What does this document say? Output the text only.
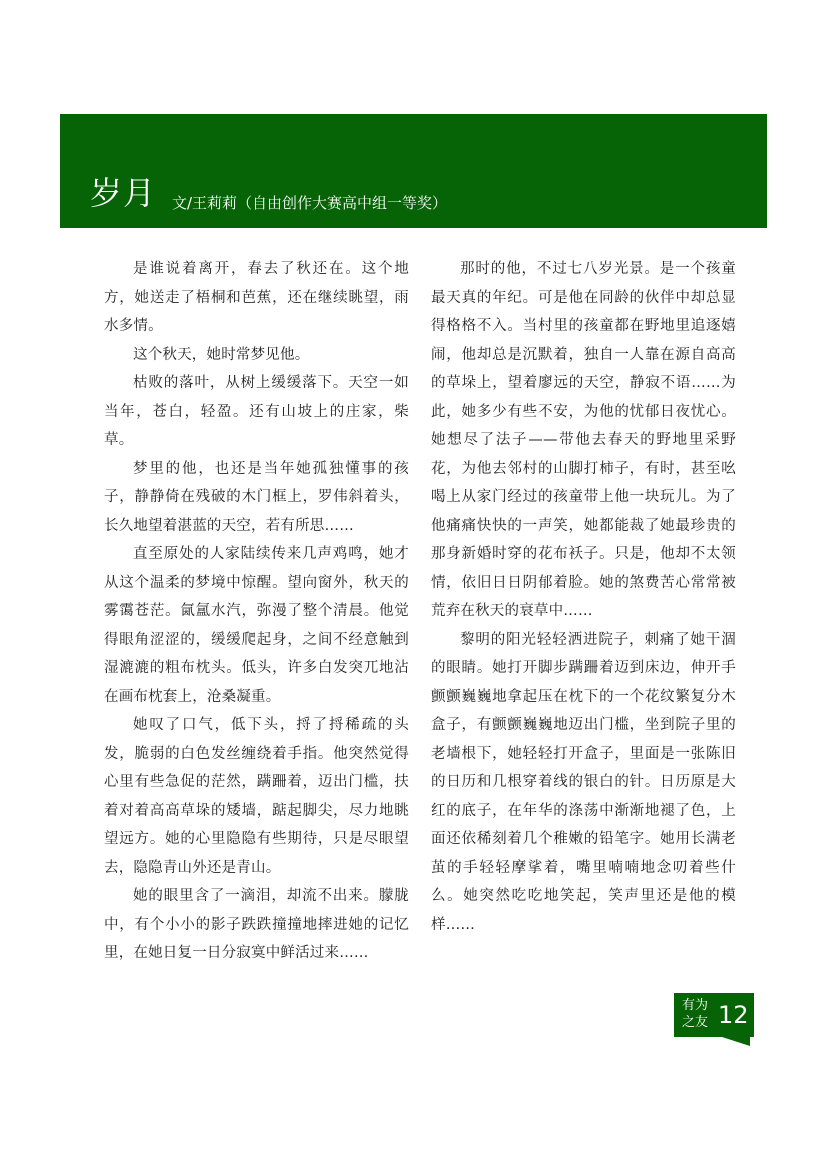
岁月 文/王莉莉（自由创作大赛高中组一等奖）

是谁说着离开，春去了秋还在。这个地方，她送走了梧桐和芭蕉，还在继续眺望，雨水多情。

这个秋天，她时常梦见他。

枯败的落叶，从树上缓缓落下。天空一如当年，苍白，轻盈。还有山坡上的庄家，柴草。

梦里的他，也还是当年她孤独懂事的孩子，静静倚在残破的木门框上，罗伟斜着头，长久地望着湛蓝的天空，若有所思……

直至原处的人家陆续传来几声鸡鸣，她才从这个温柔的梦境中惊醒。望向窗外，秋天的雾霭苍茫。氤氲水汽，弥漫了整个清晨。他觉得眼角涩涩的，缓缓爬起身，之间不经意触到湿漉漉的粗布枕头。低头，许多白发突兀地沾在画布枕套上，沧桑凝重。

她叹了口气，低下头，捋了捋稀疏的头发，脆弱的白色发丝缠绕着手指。他突然觉得心里有些急促的茫然，蹒跚着，迈出门槛，扶着对着高高草垛的矮墙，踮起脚尖，尽力地眺望远方。她的心里隐隐有些期待，只是尽眼望去，隐隐青山外还是青山。

她的眼里含了一滴泪，却流不出来。朦胧中，有个小小的影子跌跌撞撞地摔进她的记忆里，在她日复一日分寂寞中鲜活过来……

那时的他，不过七八岁光景。是一个孩童最天真的年纪。可是他在同龄的伙伴中却总显得格格不入。当村里的孩童都在野地里追逐嬉闹，他却总是沉默着，独自一人靠在源自高高的草垛上，望着廖远的天空，静寂不语……为此，她多少有些不安，为他的忧郁日夜忧心。她想尽了法子——带他去春天的野地里采野花，为他去邻村的山脚打柿子，有时，甚至吆喝上从家门经过的孩童带上他一块玩儿。为了他痛痛快快的一声笑，她都能裁了她最珍贵的那身新婚时穿的花布袄子。只是，他却不太领情，依旧日日阴郁着脸。她的煞费苦心常常被荒弃在秋天的衰草中……

黎明的阳光轻轻洒进院子，刺痛了她干涸的眼睛。她打开脚步蹒跚着迈到床边，伸开手颤颤巍巍地拿起压在枕下的一个花纹繁复分木盒子，有颤颤巍巍地迈出门槛，坐到院子里的老墙根下，她轻轻打开盒子，里面是一张陈旧的日历和几根穿着线的银白的针。日历原是大红的底子，在年华的涤荡中渐渐地褪了色，上面还依稀刻着几个稚嫩的铅笔字。她用长满老茧的手轻轻摩挲着，嘴里喃喃地念叨着些什么。她突然吃吃地笑起，笑声里还是他的模样……

有为之友 12
